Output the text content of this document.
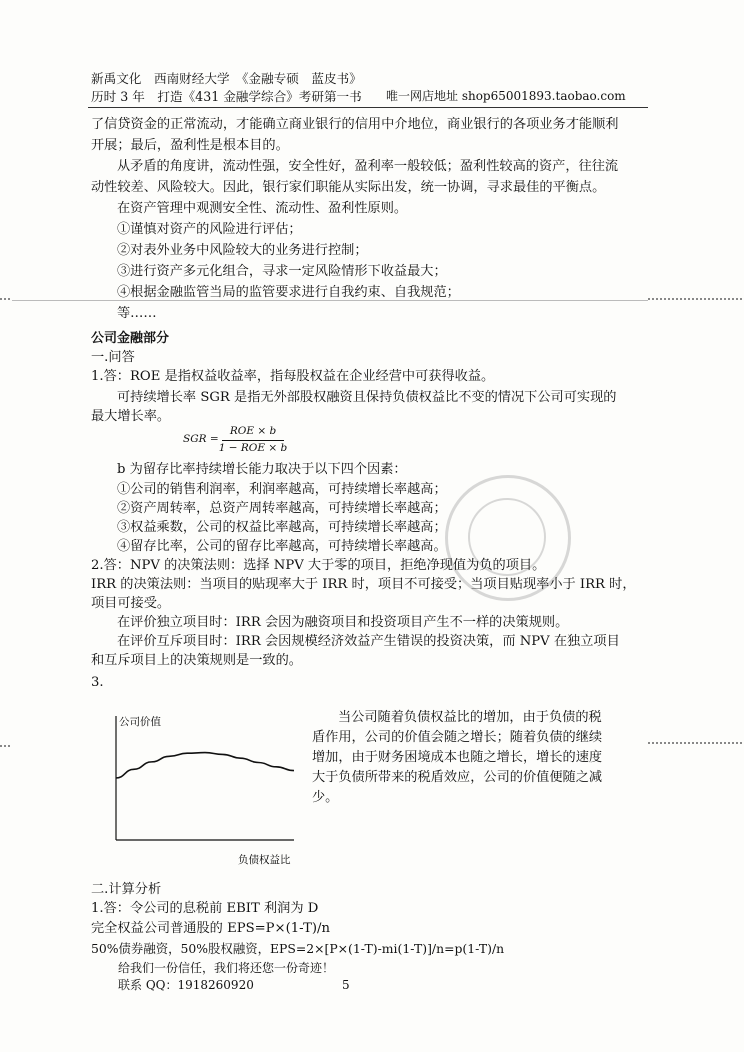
新禹文化　西南财经大学　《金融专硕　蓝皮书》
历时 3 年　打造《431 金融学综合》考研第一书 唯一网店地址 shop65001893.taobao.com
了信贷资金的正常流动，才能确立商业银行的信用中介地位，商业银行的各项业务才能顺利
开展；最后，盈利性是根本目的。
从矛盾的角度讲，流动性强，安全性好，盈利率一般较低；盈利性较高的资产，往往流
动性较差、风险较大。因此，银行家们职能从实际出发，统一协调，寻求最佳的平衡点。
在资产管理中观测安全性、流动性、盈利性原则。
①谨慎对资产的风险进行评估；
②对表外业务中风险较大的业务进行控制；
③进行资产多元化组合，寻求一定风险情形下收益最大；
④根据金融监管当局的监管要求进行自我约束、自我规范；
等……
公司金融部分
一.问答
1.答：ROE 是指权益收益率，指每股权益在企业经营中可获得收益。
可持续增长率 SGR 是指无外部股权融资且保持负债权益比不变的情况下公司可实现的
最大增长率。
SGR =
ROE × b
1 − ROE × b
b 为留存比率持续增长能力取决于以下四个因素：
①公司的销售利润率，利润率越高，可持续增长率越高；
②资产周转率，总资产周转率越高，可持续增长率越高；
③权益乘数，公司的权益比率越高，可持续增长率越高；
④留存比率，公司的留存比率越高，可持续增长率越高。
2.答：NPV 的决策法则：选择 NPV 大于零的项目，拒绝净现值为负的项目。
IRR 的决策法则：当项目的贴现率大于 IRR 时，项目不可接受；当项目贴现率小于 IRR 时，
项目可接受。
在评价独立项目时：IRR 会因为融资项目和投资项目产生不一样的决策规则。
在评价互斥项目时：IRR 会因规模经济效益产生错误的投资决策，而 NPV 在独立项目
和互斥项目上的决策规则是一致的。
3.
公司价值
负债权益比
当公司随着负债权益比的增加，由于负债的税
盾作用，公司的价值会随之增长；随着负债的继续
增加，由于财务困境成本也随之增长，增长的速度
大于负债所带来的税盾效应，公司的价值便随之减
少。
二.计算分析
1.答：令公司的息税前 EBIT 利润为 D
完全权益公司普通股的 EPS=P×(1-T)/n
50%债券融资，50%股权融资，EPS=2×[P×(1-T)-mi(1-T)]/n=p(1-T)/n
给我们一份信任，我们将还您一份奇迹！
联系 QQ：1918260920	5
